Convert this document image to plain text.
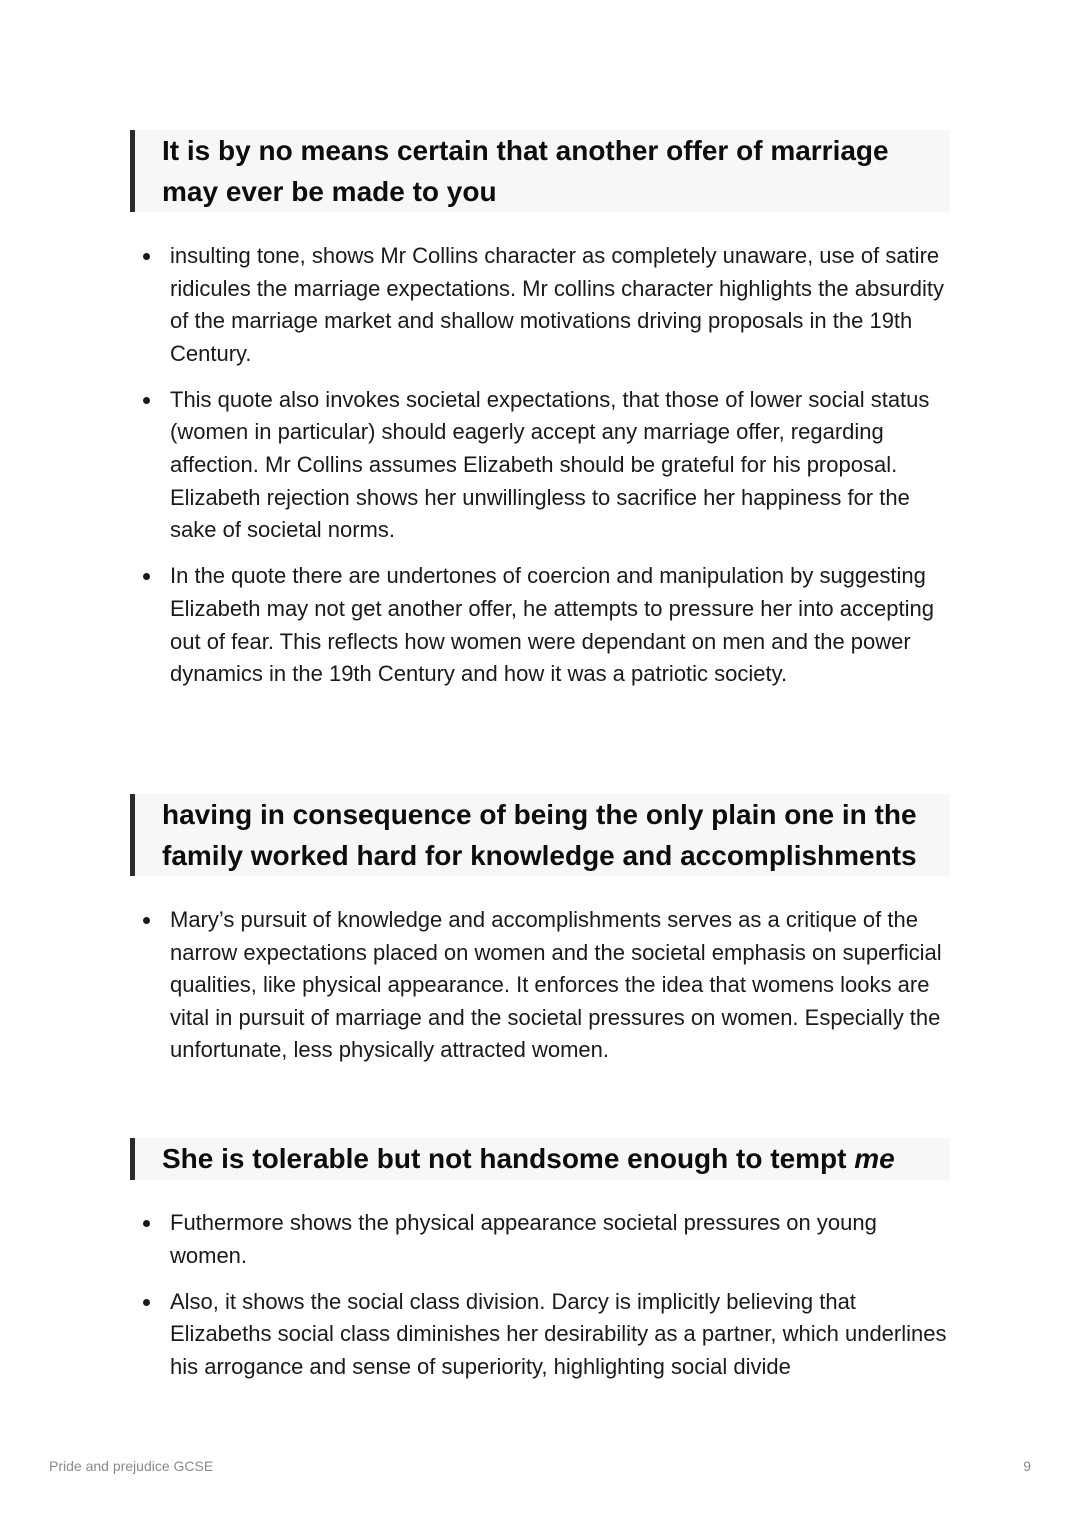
It is by no means certain that another offer of marriage may ever be made to you
insulting tone, shows Mr Collins character as completely unaware, use of satire ridicules the marriage expectations. Mr collins character highlights the absurdity of the marriage market and shallow motivations driving proposals in the 19th Century.
This quote also invokes societal expectations, that those of lower social status (women in particular) should eagerly accept any marriage offer, regarding affection. Mr Collins assumes Elizabeth should be grateful for his proposal. Elizabeth rejection shows her unwillingless to sacrifice her happiness for the sake of societal norms.
In the quote there are undertones of coercion and manipulation by suggesting Elizabeth may not get another offer, he attempts to pressure her into accepting out of fear. This reflects how women were dependant on men and the power dynamics in the 19th Century and how it was a patriotic society.
having in consequence of being the only plain one in the family worked hard for knowledge and accomplishments
Mary’s pursuit of knowledge and accomplishments serves as a critique of the narrow expectations placed on women and the societal emphasis on superficial qualities, like physical appearance. It enforces the idea that womens looks are vital in pursuit of marriage and the societal pressures on women. Especially the unfortunate, less physically attracted women.
She is tolerable but not handsome enough to tempt me
Futhermore shows the physical appearance societal pressures on young women.
Also, it shows the social class division. Darcy is implicitly believing that Elizabeths social class diminishes her desirability as a partner, which underlines his arrogance and sense of superiority, highlighting social divide
Pride and prejudice GCSE	9
